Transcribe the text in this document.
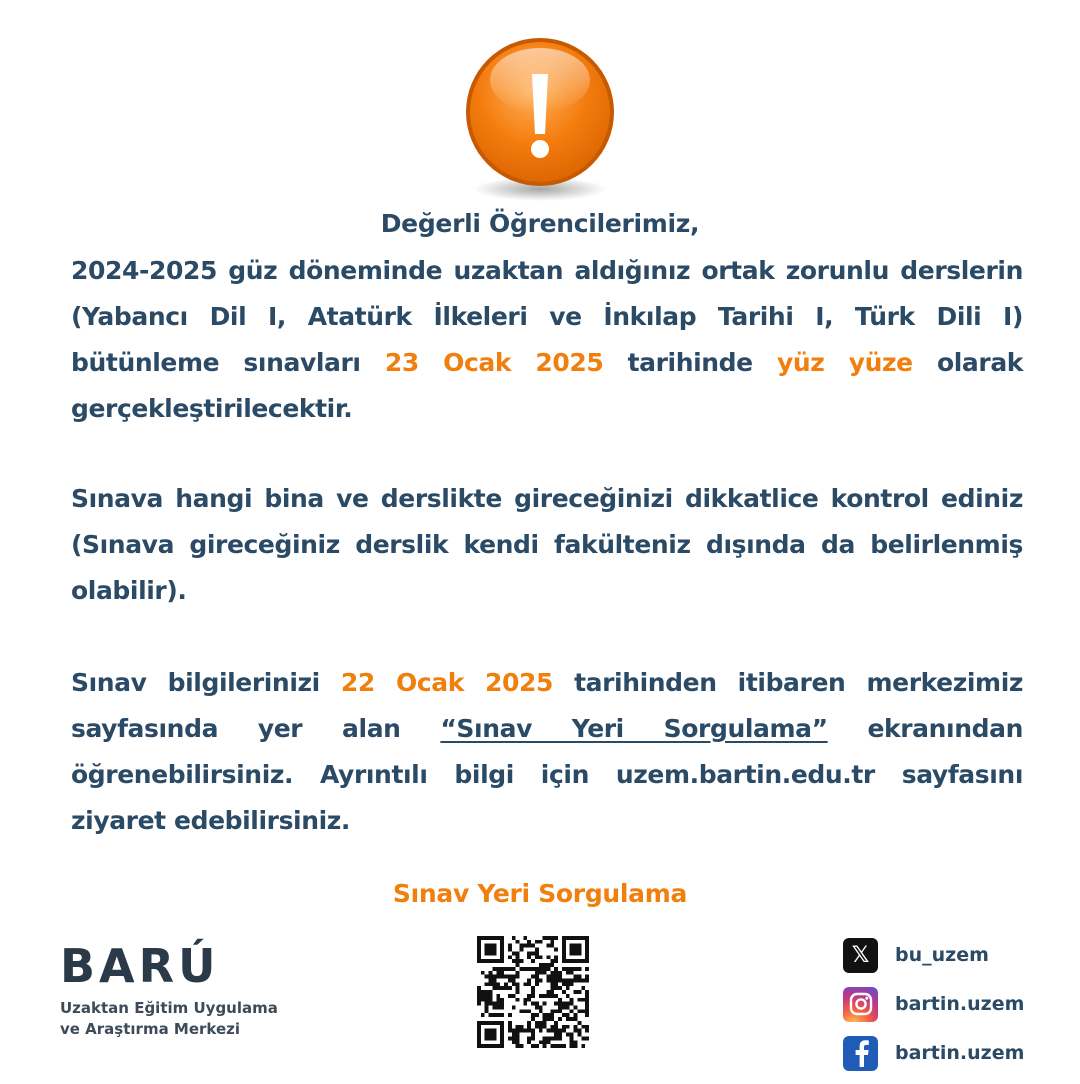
Değerli Öğrencilerimiz,
2024-2025 güz döneminde uzaktan aldığınız ortak zorunlu derslerin (Yabancı Dil I, Atatürk İlkeleri ve İnkılap Tarihi I, Türk Dili I) bütünleme sınavları 23 Ocak 2025 tarihinde yüz yüze olarak gerçekleştirilecektir.
Sınava hangi bina ve derslikte gireceğinizi dikkatlice kontrol ediniz (Sınava gireceğiniz derslik kendi fakülteniz dışında da belirlenmiş olabilir).
Sınav bilgilerinizi 22 Ocak 2025 tarihinden itibaren merkezimiz sayfasında yer alan “Sınav Yeri Sorgulama” ekranından öğrenebilirsiniz. Ayrıntılı bilgi için uzem.bartin.edu.tr sayfasını ziyaret edebilirsiniz.
Sınav Yeri Sorgulama
BARÚ
Uzaktan Eğitim Uygulama
ve Araştırma Merkezi
𝕏	bu_uzem
bartin.uzem
bartin.uzem
